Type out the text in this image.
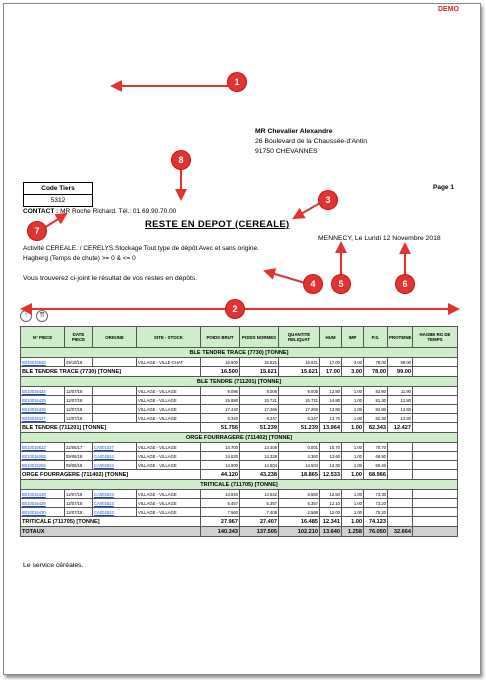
DEMO
MR Chevalier Alexandre
26 Boulevard de la Chaussée-d'Antin
91750 CHEVANNES
Code Tiers
5312
Page 1
CONTACT : MR Roche Richard. Tél.: 01.69.90.70.00
RESTE EN DEPOT (CEREALE)
MENNECY, Le Lundi 12 Novembre 2018
Activité CEREALE. / CERELYS.Stockage Tout type de dépôt Avec et sans origine.
Hagberg (Temps de chute) >= 0 & <= 0
Vous trouverez ci-joint le résultat de vos restes en dépôts.
↑	⇈
N° PIECE	DATE PIECE	ORIGINE	SITE - STOCK	POIDS BRUT	POIDS NORMES	QUANTITE RELIQUAT	HUM	IMP	P.S.	PROTEINE	HAGBE RG DE TEMPS
BLE TENDRE TRACE (7730) [TONNE]											
B010016630	29/10/18		VILLAGE - VILLE-CHAT	16.500	15.621	15.621	17.00	3.00	78.00	99.00	
BLE TENDRE TRACE (7730) [TONNE]				16.500	15.621	15.621	17.00	3.00	78.00	99.00	
BLE TENDRE (711201) [TONNE]											
B010016424	12/07/18		VILLAGE - VILLAGE	9.096	9.006	9.005	12.80	1.00	82.80	11.90	
B010016425	12/07/18		VILLAGE - VILLAGE	15.880	15.721	15.721	14.80	1.00	81.30	12.80	
B010016426	12/07/18		VILLAGE - VILLAGE	17.440	17.266	17.266	13.80	1.00	82.80	12.60	
B010016427	12/07/18		VILLAGE - VILLAGE	9.340	9.247	9.247	13.70	1.00	82.30	12.80	
BLE TENDRE (711201) [TONNE]				51.756	51.239	51.239	13.964	1.00	82.343	12.427	
ORGE FOURRAGERE (711402) [TONNE]											
B010016622	22/06/17	CA001027	VILLAGE - VILLAGE	14.700	14.406	0.001	10.70	1.00	70.70		
B010016283	09/06/18	CA002624	VILLAGE - VILLAGE	14.620	14.328	4.360	13.60	1.00	68.80		
B010016284	09/06/18	CA002624	VILLAGE - VILLAGE	14.800	14.504	14.504	13.30	1.00	69.20		
ORGE FOURRAGERE (711402) [TONNE]				44.120	43.238	18.865	12.533	1.00	68.966		
TRITICALE (711705) [TONNE]											
B010016428	12/07/18	CA002623	VILLAGE - VILLAGE	14.940	14.642	8.560	12.50	1.00	73.30		
B010016429	12/07/18	CA002623	VILLAGE - VILLAGE	5.467	5.357	5.357	12.10	1.00	73.20		
B010016430	12/07/18	CA002624	VILLAGE - VILLAGE	7.560	7.408	2.568	12.00	1.00	75.20		
TRITICALE (711705) [TONNE]				27.967	27.407	16.485	12.341	1.00	74.123		
TOTAUX				140.343	137.505	102.210	13.640	1.258	76.050	32.664	
Le service céréales.
1
2
3
4	5	6
7
8
